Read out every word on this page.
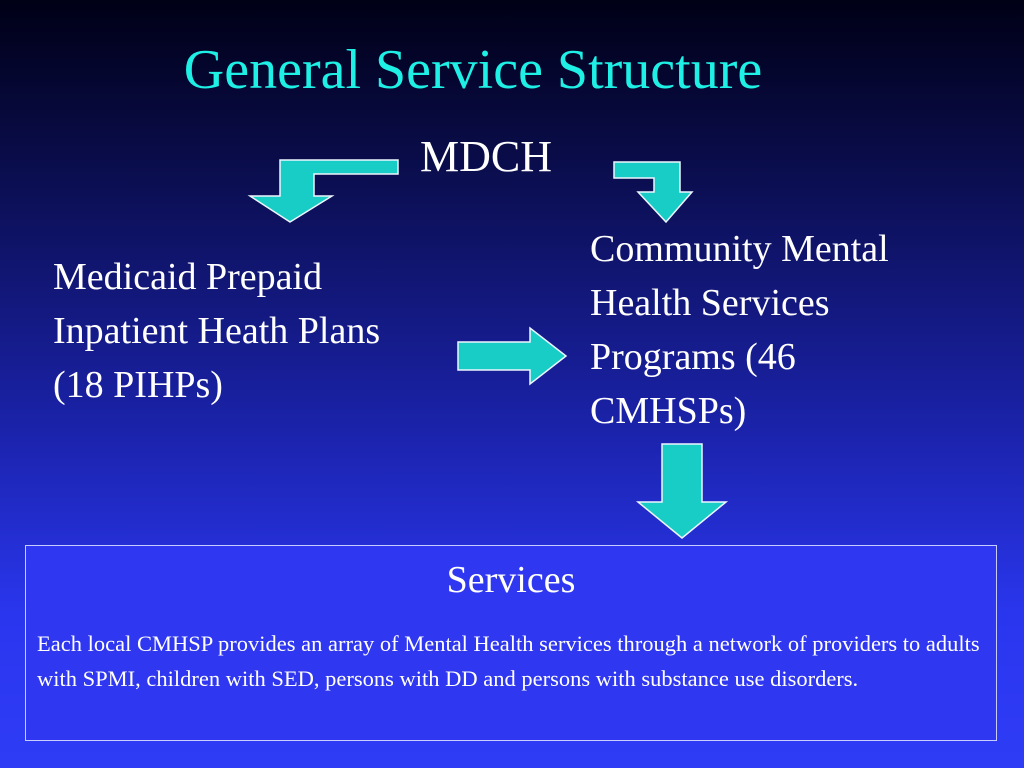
General Service Structure
MDCH
Medicaid Prepaid
Inpatient Heath Plans
(18 PIHPs)
Community Mental
Health Services
Programs (46
CMHSPs)
Services

Each local CMHSP provides an array of Mental Health services through a network of providers to adults with SPMI, children with SED, persons with DD and persons with substance use disorders.
